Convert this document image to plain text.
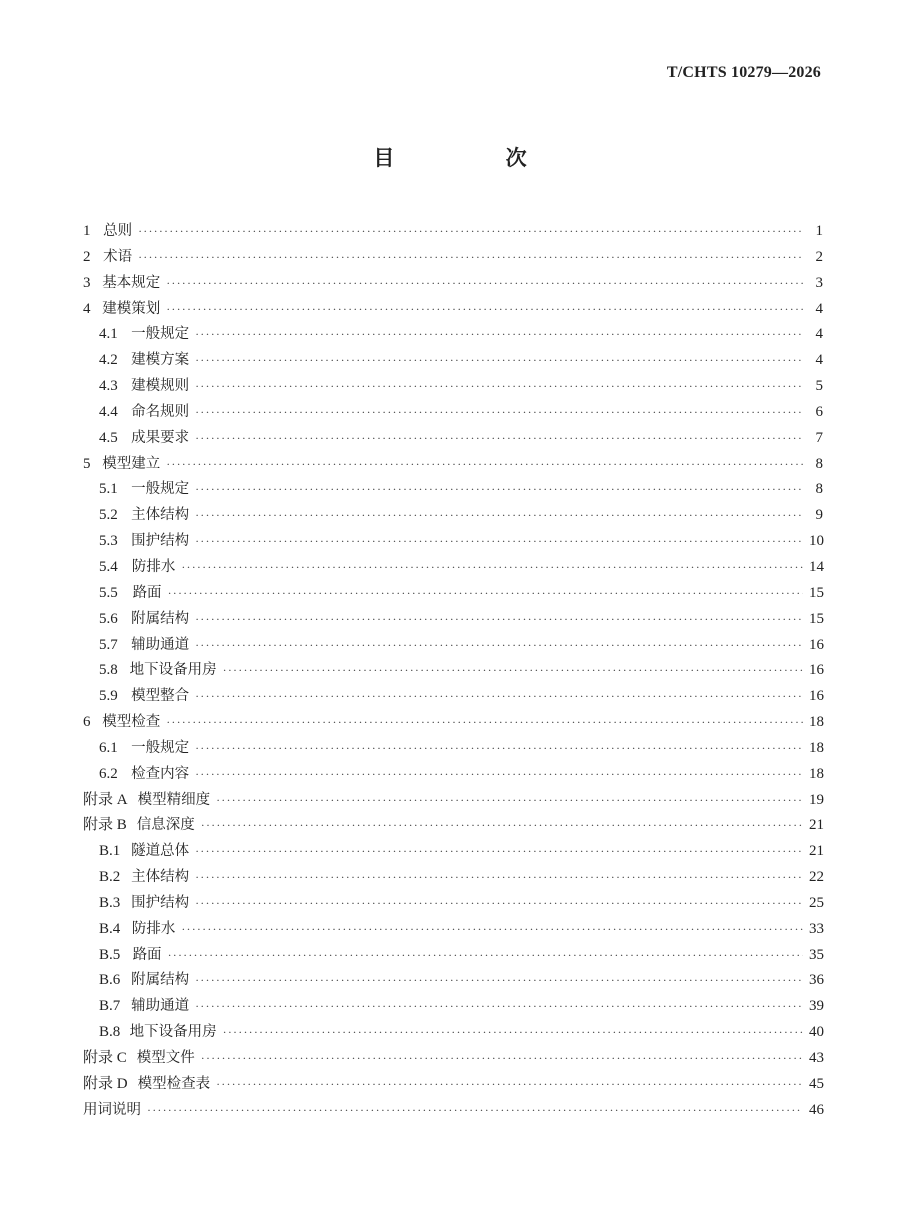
T/CHTS 10279—2026
目 次
1 总则 ·····	1
2 术语 ·····	2
3 基本规定 ·····	3
4 建模策划 ·····	4
4.1 一般规定 ·····	4
4.2 建模方案 ·····	4
4.3 建模规则 ·····	5
4.4 命名规则 ·····	6
4.5 成果要求 ·····	7
5 模型建立 ·····	8
5.1 一般规定 ·····	8
5.2 主体结构 ·····	9
5.3 围护结构 ·····	10
5.4 防排水 ·····	14
5.5	路面 ·····	15
5.6 附属结构 ·····	15
5.7 辅助通道 ·····	16
5.8 地下设备用房 ·····	16
5.9 模型整合 ·····	16
6 模型检查 ·····	18
6.1 一般规定 ·····	18
6.2 检查内容 ·····	18
附录 A 模型精细度 ·····	19
附录 B 信息深度 ·····	21
B.1 隧道总体 ·····	21
B.2 主体结构 ·····	22
B.3 围护结构 ·····	25
B.4 防排水 ·····	33
B.5 路面 ·····	35
B.6 附属结构 ·····	36
B.7 辅助通道 ·····	39
B.8 地下设备用房 ·····	40
附录 C 模型文件 ·····	43
附录 D 模型检查表 ·····	45
用词说明 ·····	46
